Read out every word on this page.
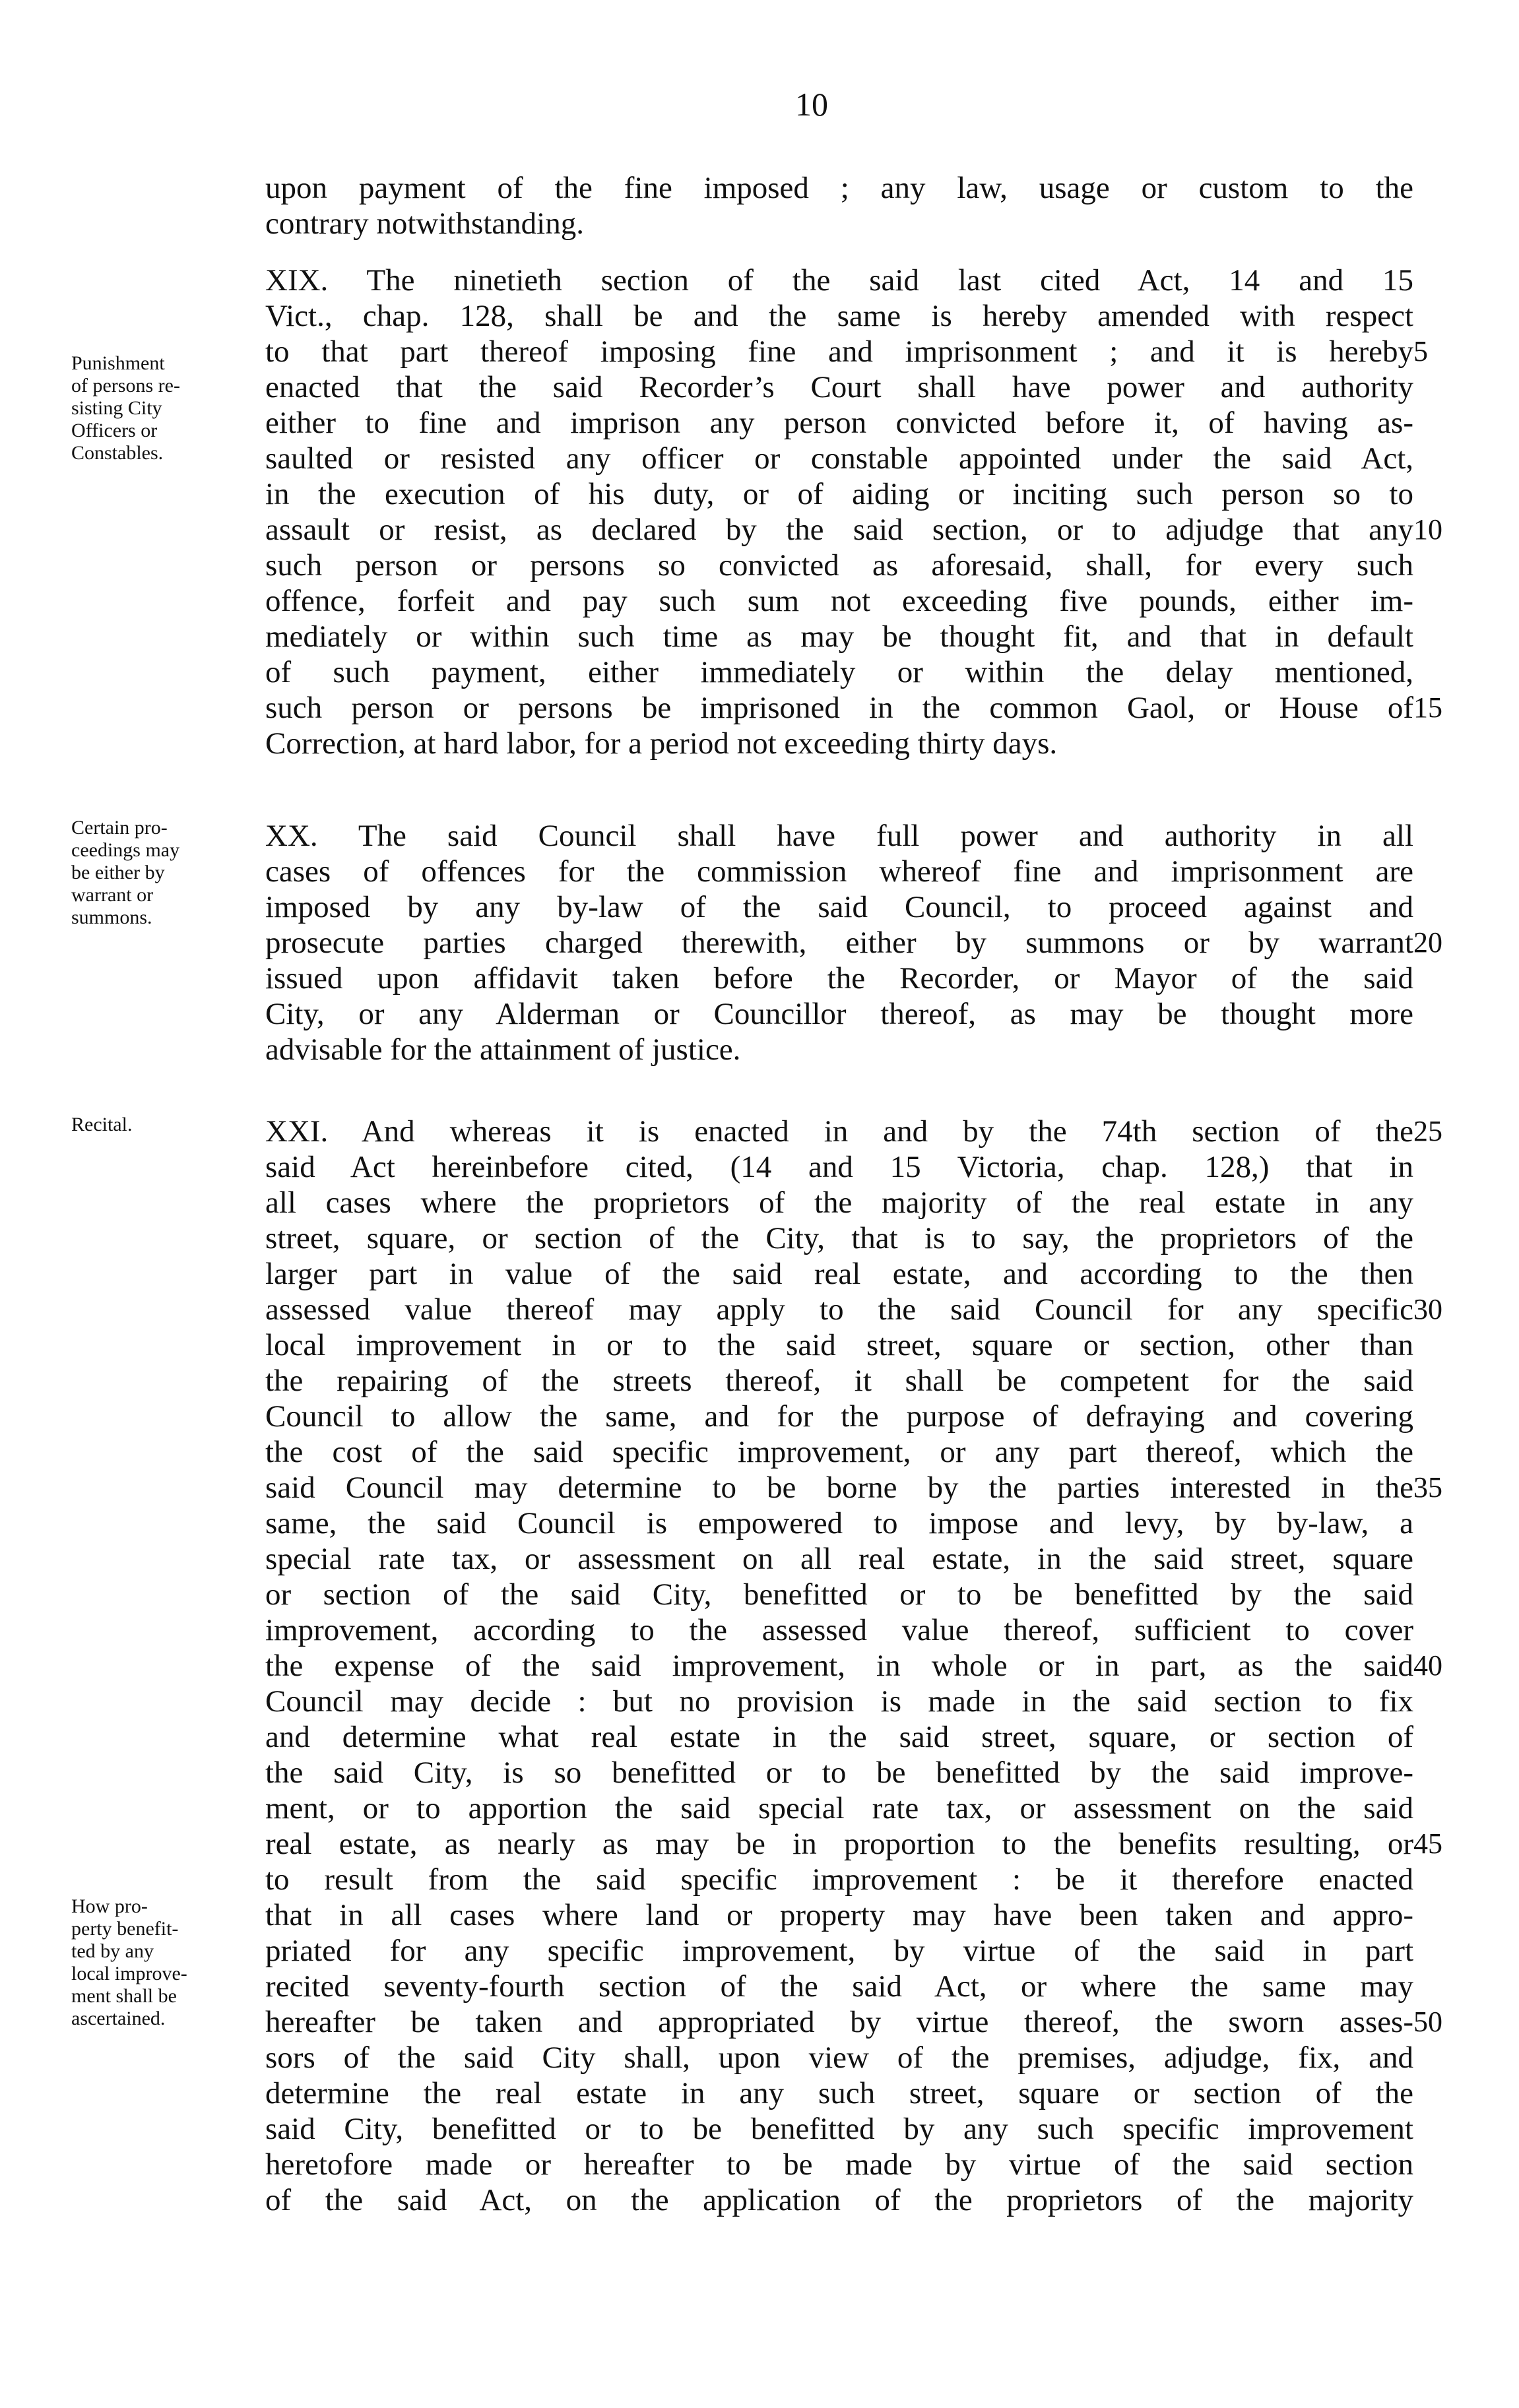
10
upon payment of the fine imposed ; any law, usage or custom to the
contrary notwithstanding.
XIX. The ninetieth section of the said last cited Act, 14 and 15
Vict., chap. 128, shall be and the same is hereby amended with respect
to that part thereof imposing fine and imprisonment ; and it is hereby
enacted that the said Recorder’s Court shall have power and authority
either to fine and imprison any person convicted before it, of having as-
saulted or resisted any officer or constable appointed under the said Act,
in the execution of his duty, or of aiding or inciting such person so to
assault or resist, as declared by the said section, or to adjudge that any
such person or persons so convicted as aforesaid, shall, for every such
offence, forfeit and pay such sum not exceeding five pounds, either im-
mediately or within such time as may be thought fit, and that in default
of such payment, either immediately or within the delay mentioned,
such person or persons be imprisoned in the common Gaol, or House of
Correction, at hard labor, for a period not exceeding thirty days.
XX. The said Council shall have full power and authority in all
cases of offences for the commission whereof fine and imprisonment are
imposed by any by-law of the said Council, to proceed against and
prosecute parties charged therewith, either by summons or by warrant
issued upon affidavit taken before the Recorder, or Mayor of the said
City, or any Alderman or Councillor thereof, as may be thought more
advisable for the attainment of justice.
XXI. And whereas it is enacted in and by the 74th section of the
said Act hereinbefore cited, (14 and 15 Victoria, chap. 128,) that in
all cases where the proprietors of the majority of the real estate in any
street, square, or section of the City, that is to say, the proprietors of the
larger part in value of the said real estate, and according to the then
assessed value thereof may apply to the said Council for any specific
local improvement in or to the said street, square or section, other than
the repairing of the streets thereof, it shall be competent for the said
Council to allow the same, and for the purpose of defraying and covering
the cost of the said specific improvement, or any part thereof, which the
said Council may determine to be borne by the parties interested in the
same, the said Council is empowered to impose and levy, by by-law, a
special rate tax, or assessment on all real estate, in the said street, square
or section of the said City, benefitted or to be benefitted by the said
improvement, according to the assessed value thereof, sufficient to cover
the expense of the said improvement, in whole or in part, as the said
Council may decide : but no provision is made in the said section to fix
and determine what real estate in the said street, square, or section of
the said City, is so benefitted or to be benefitted by the said improve-
ment, or to apportion the said special rate tax, or assessment on the said
real estate, as nearly as may be in proportion to the benefits resulting, or
to result from the said specific improvement : be it therefore enacted
that in all cases where land or property may have been taken and appro-
priated for any specific improvement, by virtue of the said in part
recited seventy-fourth section of the said Act, or where the same may
hereafter be taken and appropriated by virtue thereof, the sworn asses-
sors of the said City shall, upon view of the premises, adjudge, fix, and
determine the real estate in any such street, square or section of the
said City, benefitted or to be benefitted by any such specific improvement
heretofore made or hereafter to be made by virtue of the said section
of the said Act, on the application of the proprietors of the majority
Punishment
of persons re-
sisting City
Officers or
Constables.
Certain pro-
ceedings may
be either by
warrant or
summons.
Recital.
How pro-
perty benefit-
ted by any
local improve-
ment shall be
ascertained.
5
10
15
20
25
30
35
40
45
50
